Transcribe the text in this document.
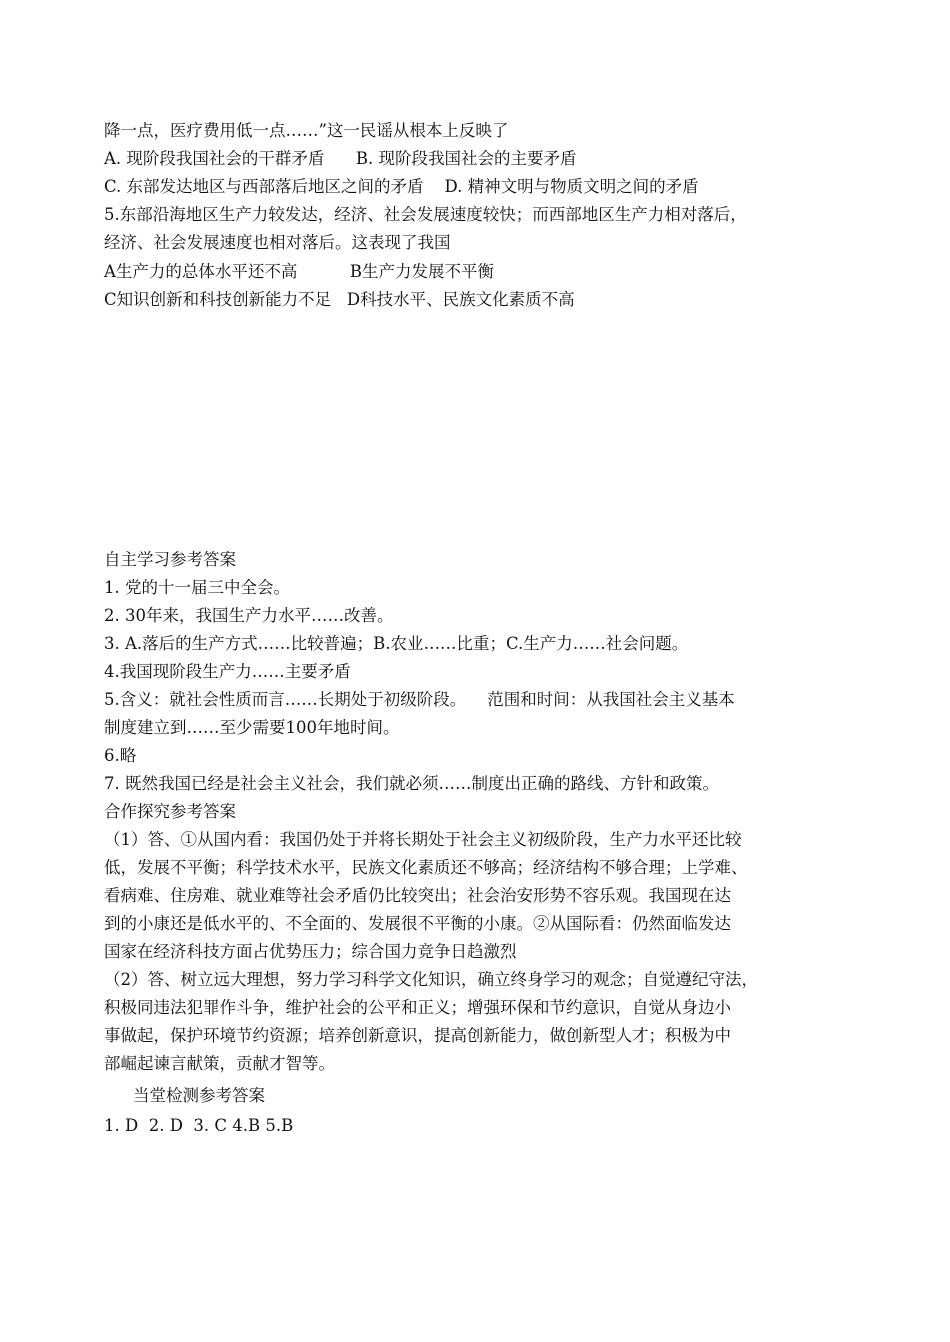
降一点，医疗费用低一点……”这一民谣从根本上反映了
A. 现阶段我国社会的干群矛盾      B. 现阶段我国社会的主要矛盾
C. 东部发达地区与西部落后地区之间的矛盾    D. 精神文明与物质文明之间的矛盾
5.东部沿海地区生产力较发达，经济、社会发展速度较快；而西部地区生产力相对落后，
经济、社会发展速度也相对落后。这表现了我国
A生产力的总体水平还不高          B生产力发展不平衡
C知识创新和科技创新能力不足   D科技水平、民族文化素质不高
自主学习参考答案
1. 党的十一届三中全会。
2. 30年来，我国生产力水平……改善。
3. A.落后的生产方式……比较普遍；B.农业……比重；C.生产力……社会问题。
4.我国现阶段生产力……主要矛盾
5.含义：就社会性质而言……长期处于初级阶段。    范围和时间：从我国社会主义基本
制度建立到……至少需要100年地时间。
6.略
7. 既然我国已经是社会主义社会，我们就必须……制度出正确的路线、方针和政策。
合作探究参考答案
（1）答、①从国内看：我国仍处于并将长期处于社会主义初级阶段，生产力水平还比较
低，发展不平衡；科学技术水平，民族文化素质还不够高；经济结构不够合理；上学难、
看病难、住房难、就业难等社会矛盾仍比较突出；社会治安形势不容乐观。我国现在达
到的小康还是低水平的、不全面的、发展很不平衡的小康。②从国际看：仍然面临发达
国家在经济科技方面占优势压力；综合国力竞争日趋激烈
（2）答、树立远大理想，努力学习科学文化知识，确立终身学习的观念；自觉遵纪守法，
积极同违法犯罪作斗争，维护社会的公平和正义；增强环保和节约意识，自觉从身边小
事做起，保护环境节约资源；培养创新意识，提高创新能力，做创新型人才；积极为中
部崛起谏言献策，贡献才智等。
当堂检测参考答案
1. D  2. D  3. C 4.B 5.B
